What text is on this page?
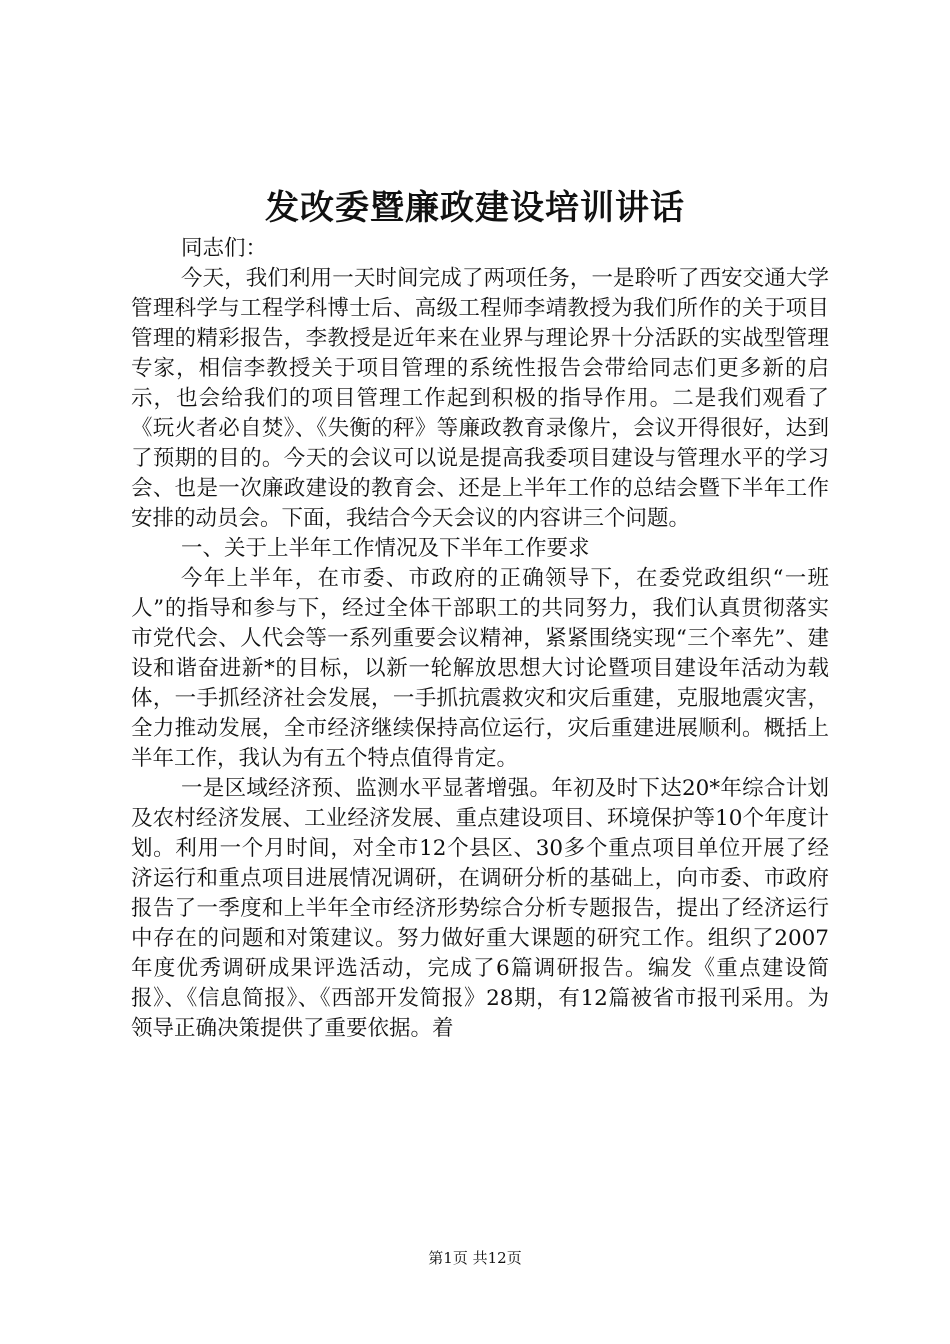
发改委暨廉政建设培训讲话

同志们：

今天，我们利用一天时间完成了两项任务，一是聆听了西安交通大学管理科学与工程学科博士后、高级工程师李靖教授为我们所作的关于项目管理的精彩报告，李教授是近年来在业界与理论界十分活跃的实战型管理专家，相信李教授关于项目管理的系统性报告会带给同志们更多新的启示，也会给我们的项目管理工作起到积极的指导作用。二是我们观看了《玩火者必自焚》、《失衡的秤》等廉政教育录像片，会议开得很好，达到了预期的目的。今天的会议可以说是提高我委项目建设与管理水平的学习会、也是一次廉政建设的教育会、还是上半年工作的总结会暨下半年工作安排的动员会。下面，我结合今天会议的内容讲三个问题。

一、关于上半年工作情况及下半年工作要求

今年上半年，在市委、市政府的正确领导下，在委党政组织“一班人”的指导和参与下，经过全体干部职工的共同努力，我们认真贯彻落实市党代会、人代会等一系列重要会议精神，紧紧围绕实现“三个率先”、建设和谐奋进新*的目标，以新一轮解放思想大讨论暨项目建设年活动为载体，一手抓经济社会发展，一手抓抗震救灾和灾后重建，克服地震灾害，全力推动发展，全市经济继续保持高位运行，灾后重建进展顺利。概括上半年工作，我认为有五个特点值得肯定。

一是区域经济预、监测水平显著增强。年初及时下达20*年综合计划及农村经济发展、工业经济发展、重点建设项目、环境保护等10个年度计划。利用一个月时间，对全市12个县区、30多个重点项目单位开展了经济运行和重点项目进展情况调研，在调研分析的基础上，向市委、市政府报告了一季度和上半年全市经济形势综合分析专题报告，提出了经济运行中存在的问题和对策建议。努力做好重大课题的研究工作。组织了2007年度优秀调研成果评选活动，完成了6篇调研报告。编发《重点建设简报》、《信息简报》、《西部开发简报》28期，有12篇被省市报刊采用。为领导正确决策提供了重要依据。着

第1页 共12页
